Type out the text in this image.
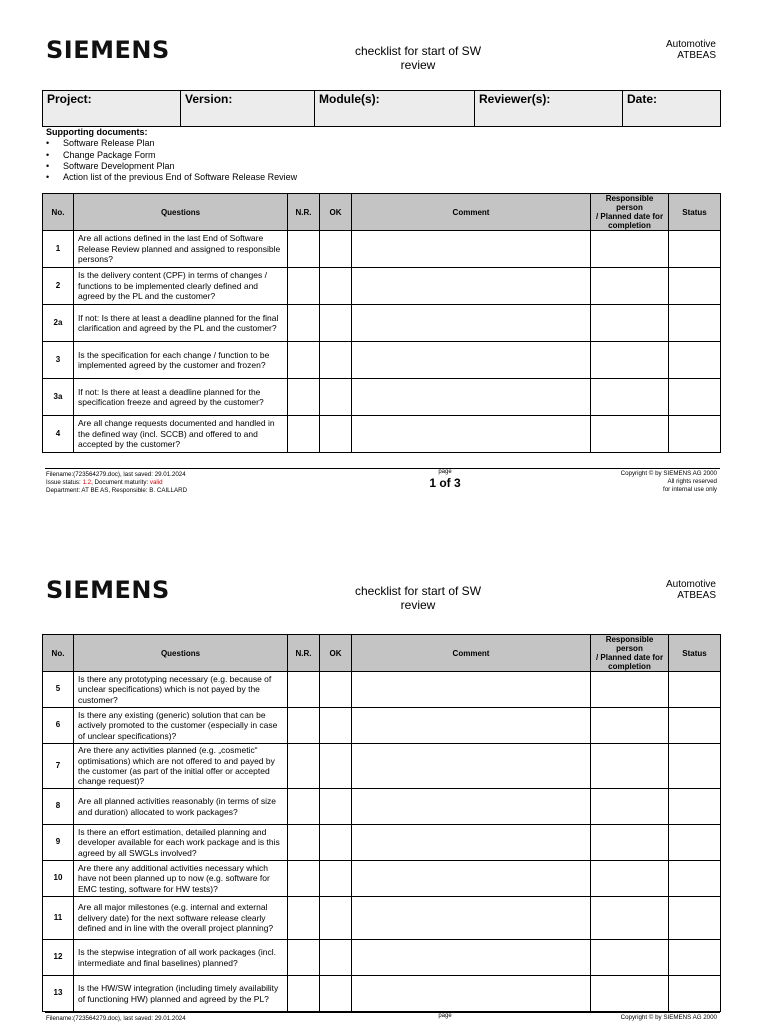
SIEMENS	checklist for start of SW
review
Automotive
ATBEAS
Project:	Version:	Module(s):	Reviewer(s):	Date:
Supporting documents:
• Software Release Plan
• Change Package Form
• Software Development Plan
• Action list of the previous End of Software Release Review
No.	Questions	N.R.	OK	Comment	Responsible
person
/ Planned date for
completion	Status
1	Are all actions defined in the last End of Software Release Review planned and assigned to responsible persons?					
2	Is the delivery content (CPF) in terms of changes / functions to be implemented clearly defined and agreed by the PL and the customer?					
2a	If not: Is there at least a deadline planned for the final clarification and agreed by the PL and the customer?					
3	Is the specification for each change / function to be implemented agreed by the customer and frozen?					
3a	If not: Is there at least a deadline planned for the specification freeze and agreed by the customer?					
4	Are all change requests documented and handled in the defined way (incl. SCCB) and offered to and accepted by the customer?					
Filename:(723564279.doc), last saved: 29.01.2024
Issue status: 1.2, Document maturity: valid
Department: AT BE AS, Responsible: B. CAILLARD
page
1 of 3
Copyright © by SIEMENS AG 2000
All rights reserved
for internal use only
SIEMENS	checklist for start of SW
review
Automotive
ATBEAS
No.	Questions	N.R.	OK	Comment	Responsible
person
/ Planned date for
completion	Status
5	Is there any prototyping necessary (e.g. because of unclear specifications) which is not payed by the customer?					
6	Is there any existing (generic) solution that can be actively promoted to the customer (especially in case of unclear specifications)?					
7	Are there any activities planned (e.g. „cosmetic“ optimisations) which are not offered to and payed by the customer (as part of the initial offer or accepted change request)?					
8	Are all planned activities reasonably (in terms of size and duration) allocated to work packages?					
9	Is there an effort estimation, detailed planning and developer available for each work package and is this agreed by all SWGLs involved?					
10	Are there any additional activities necessary which have not been planned up to now (e.g. software for EMC testing, software for HW tests)?					
11	Are all major milestones (e.g. internal and external delivery date) for the next software release clearly defined and in line with the overall project planning?					
12	Is the stepwise integration of all work packages (incl. intermediate and final baselines) planned?					
13	Is the HW/SW integration (including timely availability of functioning HW) planned and agreed by the PL?					
Filename:(723564279.doc), last saved: 29.01.2024	page	Copyright © by SIEMENS AG 2000
